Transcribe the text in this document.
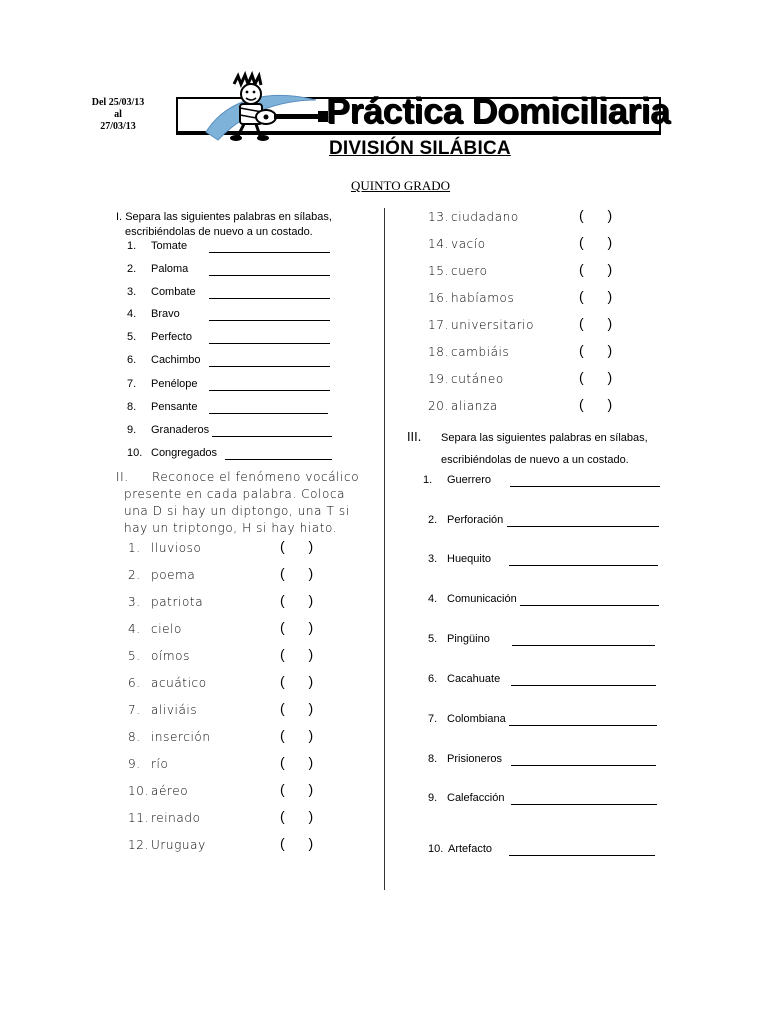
Del 25/03/13
al
27/03/13	Práctica Domiciliaria
DIVISIÓN SILÁBICA
QUINTO GRADO
I. Separa las siguientes palabras en sílabas,
escribiéndolas de nuevo a un costado.
1. Tomate
2. Paloma
3. Combate
4. Bravo
5. Perfecto
6. Cachimbo
7. Penélope
8. Pensante
9. Granaderos
10. Congregados
II. Reconoce el fenómeno vocálico
presente en cada palabra. Coloca una D si hay un diptongo, una T si hay un triptongo, H si hay hiato.
1. lluvioso	( )
2. poema	( )
3. patriota	( )
4. cielo	( )
5. oímos	( )
6. acuático	( )
7. aliviáis	( )
8. inserción	( )
9. río	( )
10. aéreo	( )
11. reinado	( )
12. Uruguay	( )
13. ciudadano	( )
14. vacío	( )
15. cuero	( )
16. habíamos	( )
17. universitario	( )
18. cambiáis	( )
19. cutáneo	( )
20. alianza	( )
III. Separa las siguientes palabras en sílabas,
escribiéndolas de nuevo a un costado.
1. Guerrero
2. Perforación
3. Huequito
4. Comunicación
5. Pingüino
6. Cacahuate
7. Colombiana
8. Prisioneros
9. Calefacción
10. Artefacto
